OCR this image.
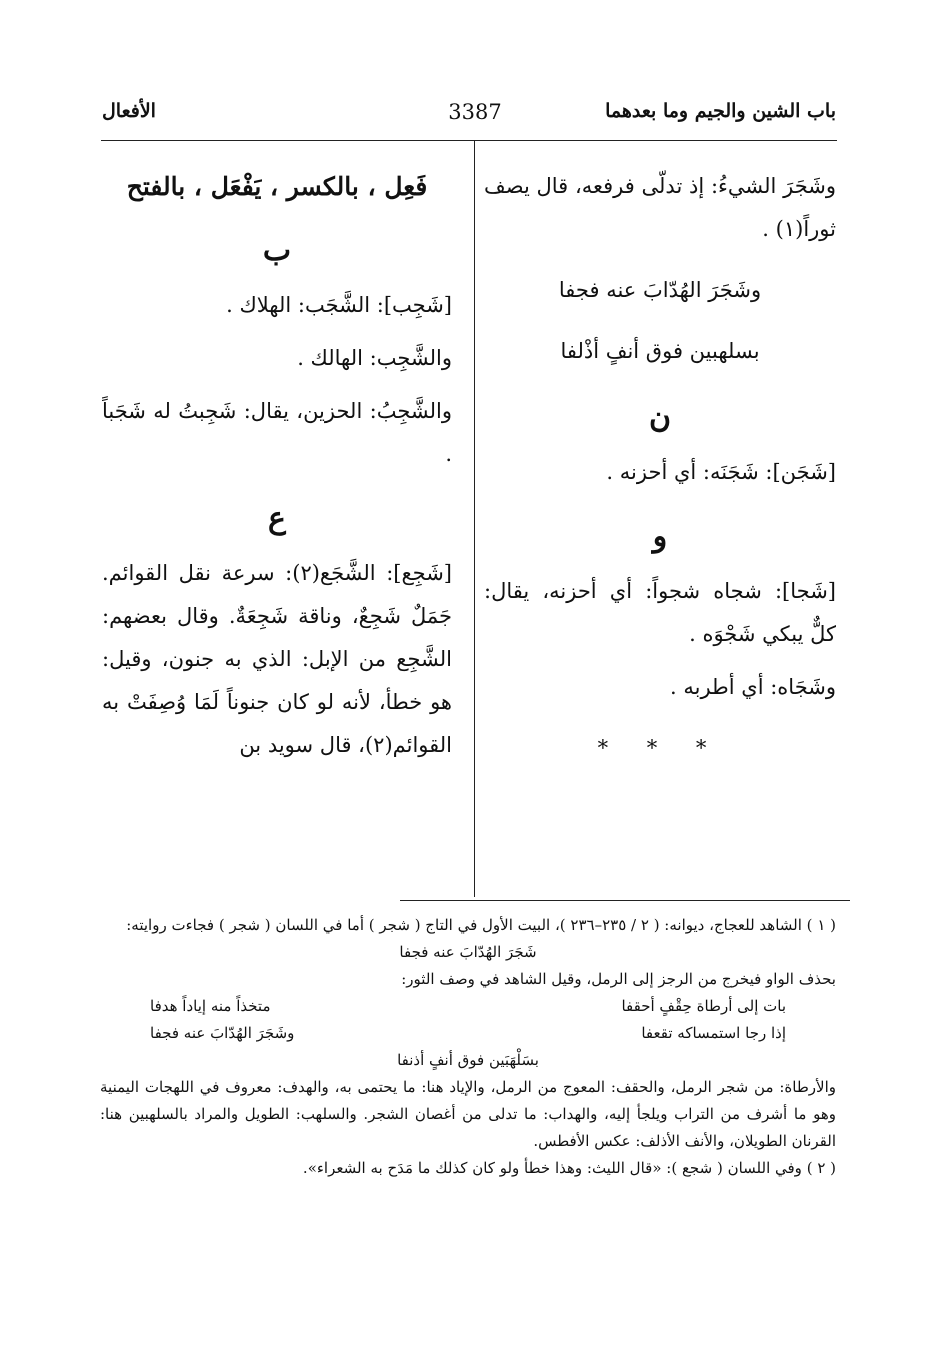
باب الشين والجيم وما بعدهما
3387
الأفعال

وشَجَرَ الشيءُ: إذ تدلّى فرفعه، قال يصف ثوراً(١) .

وشَجَرَ الهُدّابَ عنه فجفا

بسلهبين فوق أنفٍ أذْلفا

ن

[شَجَن]: شَجَنَه: أي أحزنه .

و

[شَجا]: شجاه شجواً: أي أحزنه، يقال: كلٌّ يبكي شَجْوَه .

وشَجَاه: أي أطربه .

* * *
فَعِل ، بالكسر ، يَفْعَل ، بالفتح
ب

[شَجِب]: الشَّجَب: الهلاك .

والشَّجِب: الهالك .

والشَّجِبُ: الحزين، يقال: شَجِبتُ له شَجَباً .

ع

[شَجِع]: الشَّجَع(٢): سرعة نقل القوائم. جَمَلٌ شَجِعٌ، وناقة شَجِعَةٌ. وقال بعضهم: الشَّجِع من الإبل: الذي به جنون، وقيل: هو خطأ، لأنه لو كان جنوناً لَمَا وُصِفَتْ به القوائم(٢)، قال سويد بن

( ١ ) الشاهد للعجاج، ديوانه: ( ٢ / ٢٣٥–٢٣٦ )، البيت الأول في التاج ( شجر ) أما في اللسان ( شجر ) فجاءت روايته:

شَجَرَ الهُدّابَ عنه فجفا

بحذف الواو فيخرج من الرجز إلى الرمل، وقيل الشاهد في وصف الثور:

بات إلى أرطاة حِقْفٍ أحقفا
متخذاً منه إياداً هدفا
إذا رجا استمساكه تقعفا
وشَجَرَ الهُدّابَ عنه فجفا

بسَلْهَبَين فوق أنفٍ أذنفا

والأرطاة: من شجر الرمل، والحقف: المعوج من الرمل، والإياد هنا: ما يحتمى به، والهدف: معروف في اللهجات اليمنية وهو ما أشرف من التراب ويلجأ إليه، والهداب: ما تدلى من أغصان الشجر. والسلهب: الطويل والمراد بالسلهبين هنا: القرنان الطويلان، والأنف الأذلف: عكس الأفطس.

( ٢ ) وفي اللسان ( شجع ): «قال الليث: وهذا خطأ ولو كان كذلك ما مَدَح به الشعراء».
